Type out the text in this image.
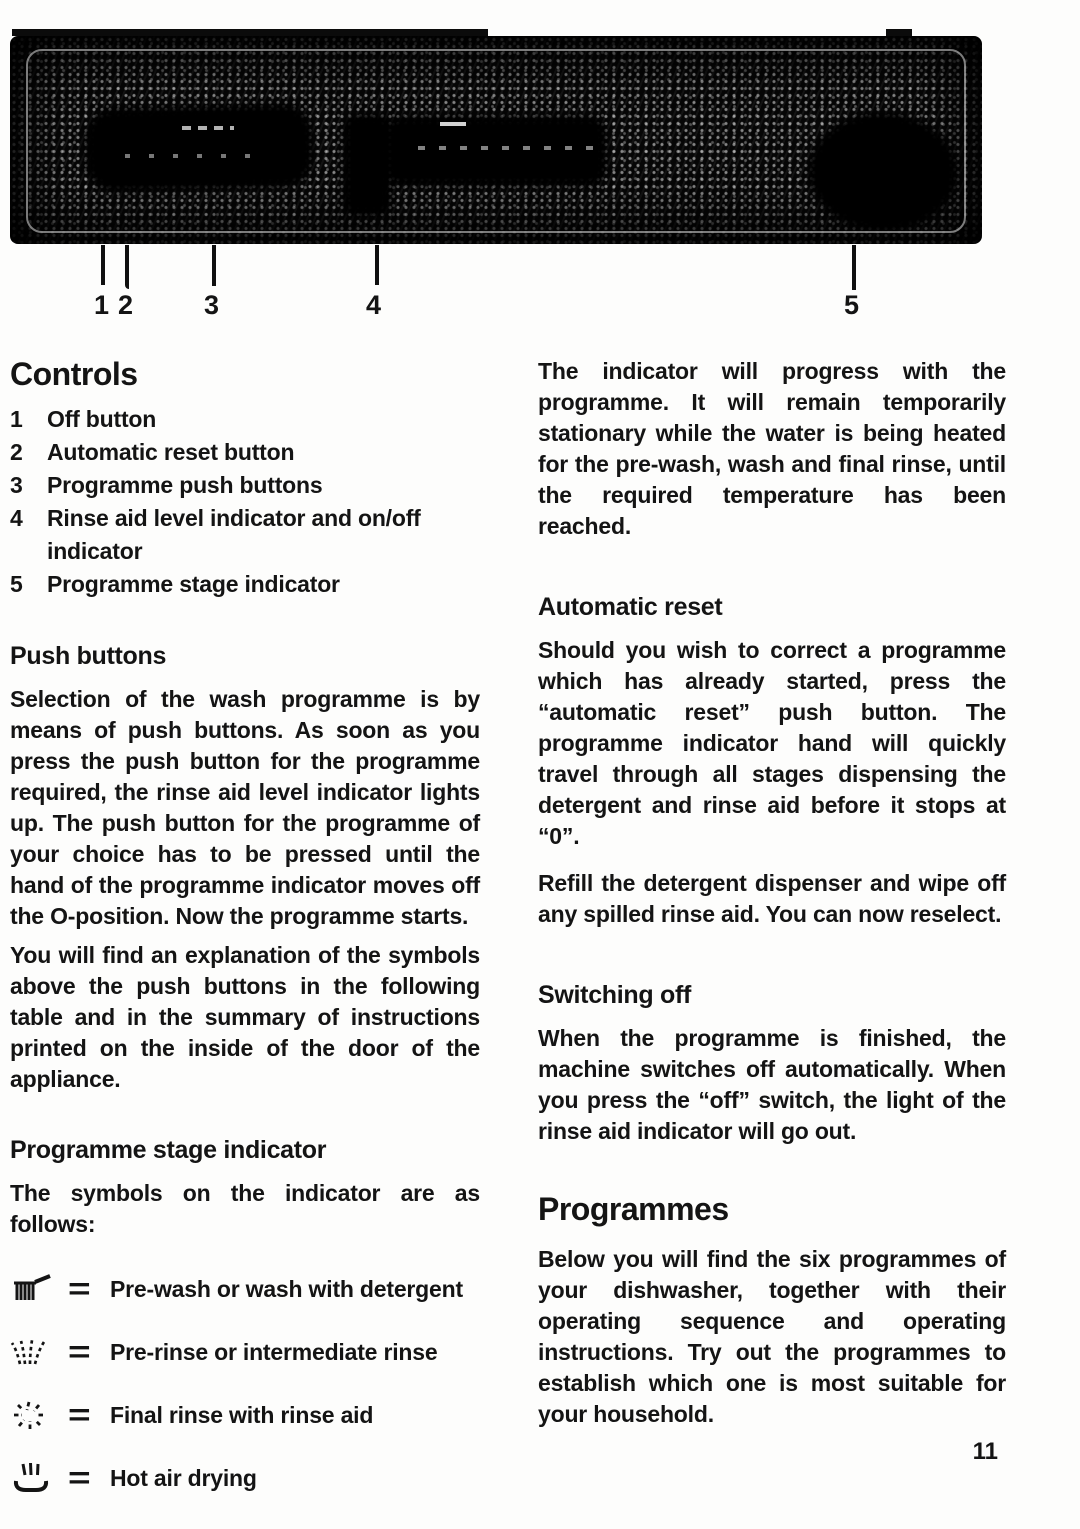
1 2	3	4	5
Controls
1	Off button
2	Automatic reset button
3	Programme push buttons
4	Rinse aid level indicator and on/off indicator
5	Programme stage indicator
Push buttons

Selection of the wash programme is by means of push buttons. As soon as you press the push button for the programme required, the rinse aid level indicator lights up. The push button for the programme of your choice has to be pressed until the hand of the programme indicator moves off the O-position. Now the programme starts.

You will find an explanation of the symbols above the push buttons in the following table and in the summary of instructions printed on the inside of the door of the appliance.

Programme stage indicator

The symbols on the indicator are as follows:

= Pre-wash or wash with detergent
= Pre-rinse or intermediate rinse
= Final rinse with rinse aid
= Hot air drying

The indicator will progress with the programme. It will remain temporarily stationary while the water is being heated for the pre-wash, wash and final rinse, until the required temperature has been reached.

Automatic reset

Should you wish to correct a programme which has already started, press the “automatic reset” push button. The programme indicator hand will quickly travel through all stages dispensing the detergent and rinse aid before it stops at “0”.

Refill the detergent dispenser and wipe off any spilled rinse aid. You can now reselect.

Switching off

When the programme is finished, the machine switches off automatically. When you press the “off” switch, the light of the rinse aid indicator will go out.

Programmes

Below you will find the six programmes of your dishwasher, together with their operating sequence and operating instructions. Try out the programmes to establish which one is most suitable for your household.

11
